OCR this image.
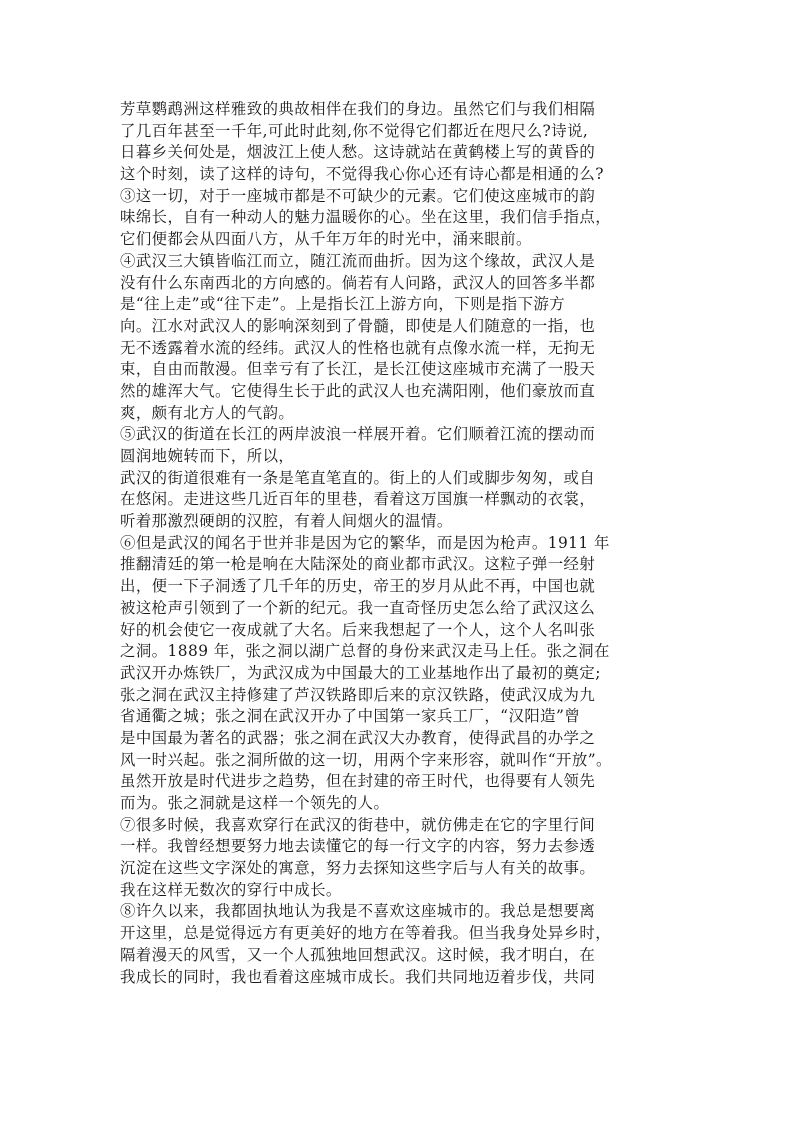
芳草鹦鹉洲这样雅致的典故相伴在我们的身边。虽然它们与我们相隔
了几百年甚至一千年,可此时此刻,你不觉得它们都近在咫尺么?诗说,
日暮乡关何处是，烟波江上使人愁。这诗就站在黄鹤楼上写的黄昏的
这个时刻，读了这样的诗句，不觉得我心你心还有诗心都是相通的么?
③这一切，对于一座城市都是不可缺少的元素。它们使这座城市的韵
味绵长，自有一种动人的魅力温暖你的心。坐在这里，我们信手指点，
它们便都会从四面八方，从千年万年的时光中，涌来眼前。
④武汉三大镇皆临江而立，随江流而曲折。因为这个缘故，武汉人是
没有什么东南西北的方向感的。倘若有人问路，武汉人的回答多半都
是“往上走”或“往下走”。上是指长江上游方向，下则是指下游方
向。江水对武汉人的影响深刻到了骨髓，即使是人们随意的一指，也
无不透露着水流的经纬。武汉人的性格也就有点像水流一样，无拘无
束，自由而散漫。但幸亏有了长江，是长江使这座城市充满了一股天
然的雄浑大气。它使得生长于此的武汉人也充满阳刚，他们豪放而直
爽，颇有北方人的气韵。
⑤武汉的街道在长江的两岸波浪一样展开着。它们顺着江流的摆动而
圆润地婉转而下，所以，
武汉的街道很难有一条是笔直笔直的。街上的人们或脚步匆匆，或自
在悠闲。走进这些几近百年的里巷，看着这万国旗一样飘动的衣裳，
听着那激烈硬朗的汉腔，有着人间烟火的温情。
⑥但是武汉的闻名于世并非是因为它的繁华，而是因为枪声。1911 年
推翻清廷的第一枪是响在大陆深处的商业都市武汉。这粒子弹一经射
出，便一下子洞透了几千年的历史，帝王的岁月从此不再，中国也就
被这枪声引领到了一个新的纪元。我一直奇怪历史怎么给了武汉这么
好的机会使它一夜成就了大名。后来我想起了一个人，这个人名叫张
之洞。1889 年，张之洞以湖广总督的身份来武汉走马上任。张之洞在
武汉开办炼铁厂，为武汉成为中国最大的工业基地作出了最初的奠定;
张之洞在武汉主持修建了芦汉铁路即后来的京汉铁路，使武汉成为九
省通衢之城；张之洞在武汉开办了中国第一家兵工厂，“汉阳造”曾
是中国最为著名的武器；张之洞在武汉大办教育，使得武昌的办学之
风一时兴起。张之洞所做的这一切，用两个字来形容，就叫作“开放”。
虽然开放是时代进步之趋势，但在封建的帝王时代，也得要有人领先
而为。张之洞就是这样一个领先的人。
⑦很多时候，我喜欢穿行在武汉的街巷中，就仿佛走在它的字里行间
一样。我曾经想要努力地去读懂它的每一行文字的内容，努力去参透
沉淀在这些文字深处的寓意，努力去探知这些字后与人有关的故事。
我在这样无数次的穿行中成长。
⑧许久以来，我都固执地认为我是不喜欢这座城市的。我总是想要离
开这里，总是觉得远方有更美好的地方在等着我。但当我身处异乡时，
隔着漫天的风雪，又一个人孤独地回想武汉。这时候，我才明白，在
我成长的同时，我也看着这座城市成长。我们共同地迈着步伐，共同
